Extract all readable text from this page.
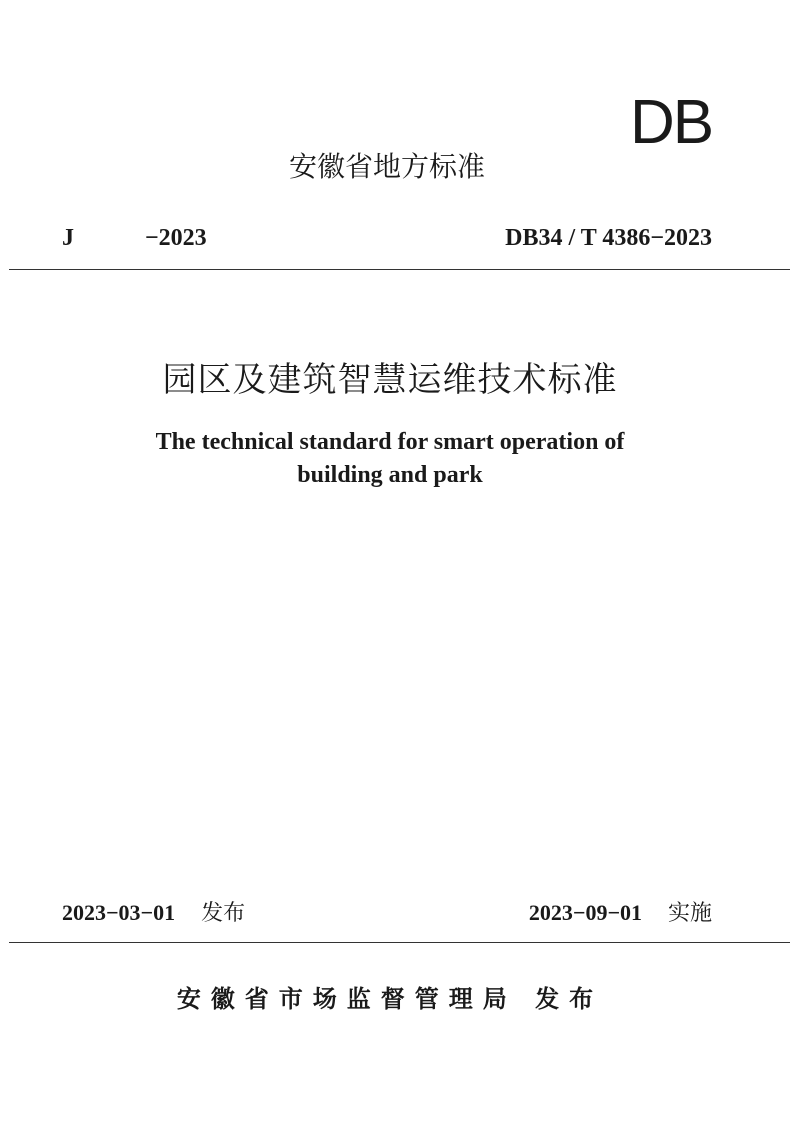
DB
安徽省地方标准
J	−2023	DB34 / T 4386−2023
园区及建筑智慧运维技术标准
The technical standard for smart operation of
building and park
2023−03−01 发布	2023−09−01 实施
安徽省市场监督管理局 发布
